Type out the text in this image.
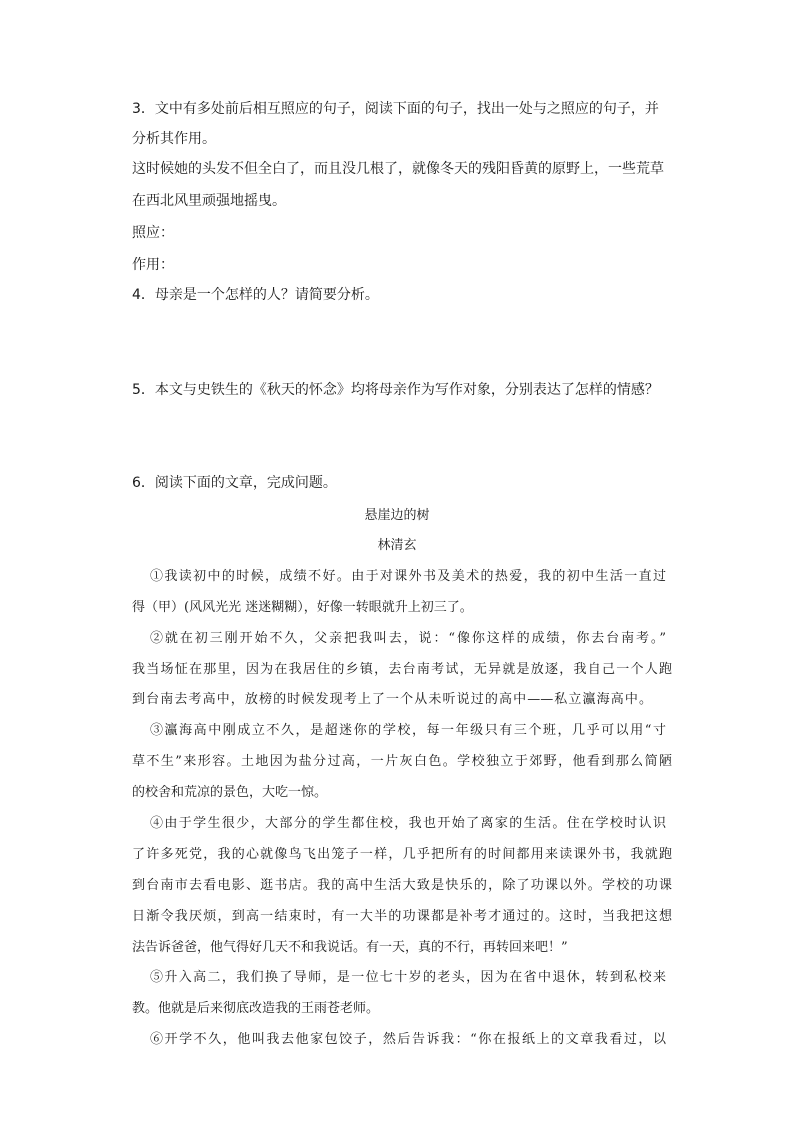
3．文中有多处前后相互照应的句子，阅读下面的句子，找出一处与之照应的句子，并
分析其作用。
这时候她的头发不但全白了，而且没几根了，就像冬天的残阳昏黄的原野上，一些荒草
在西北风里顽强地摇曳。
照应：
作用：
4．母亲是一个怎样的人？请简要分析。
5．本文与史铁生的《秋天的怀念》均将母亲作为写作对象，分别表达了怎样的情感？
6．阅读下面的文章，完成问题。
悬崖边的树
林清玄
①我读初中的时候，成绩不好。由于对课外书及美术的热爱，我的初中生活一直过
得（甲）(风风光光 迷迷糊糊），好像一转眼就升上初三了。
②就在初三刚开始不久，父亲把我叫去，说：“像你这样的成绩，你去台南考。”
我当场怔在那里，因为在我居住的乡镇，去台南考试，无异就是放逐，我自己一个人跑
到台南去考高中，放榜的时候发现考上了一个从未听说过的高中——私立瀛海高中。
③瀛海高中刚成立不久，是超迷你的学校，每一年级只有三个班，几乎可以用“寸
草不生”来形容。土地因为盐分过高，一片灰白色。学校独立于郊野，他看到那么简陋
的校舍和荒凉的景色，大吃一惊。
④由于学生很少，大部分的学生都住校，我也开始了离家的生活。住在学校时认识
了许多死党，我的心就像鸟飞出笼子一样，几乎把所有的时间都用来读课外书，我就跑
到台南市去看电影、逛书店。我的高中生活大致是快乐的，除了功课以外。学校的功课
日渐令我厌烦，到高一结束时，有一大半的功课都是补考才通过的。这时，当我把这想
法告诉爸爸，他气得好几天不和我说话。有一天，真的不行，再转回来吧！”
⑤升入高二，我们换了导师，是一位七十岁的老头，因为在省中退休，转到私校来
教。他就是后来彻底改造我的王雨苍老师。
⑥开学不久，他叫我去他家包饺子，然后告诉我：“你在报纸上的文章我看过，以
